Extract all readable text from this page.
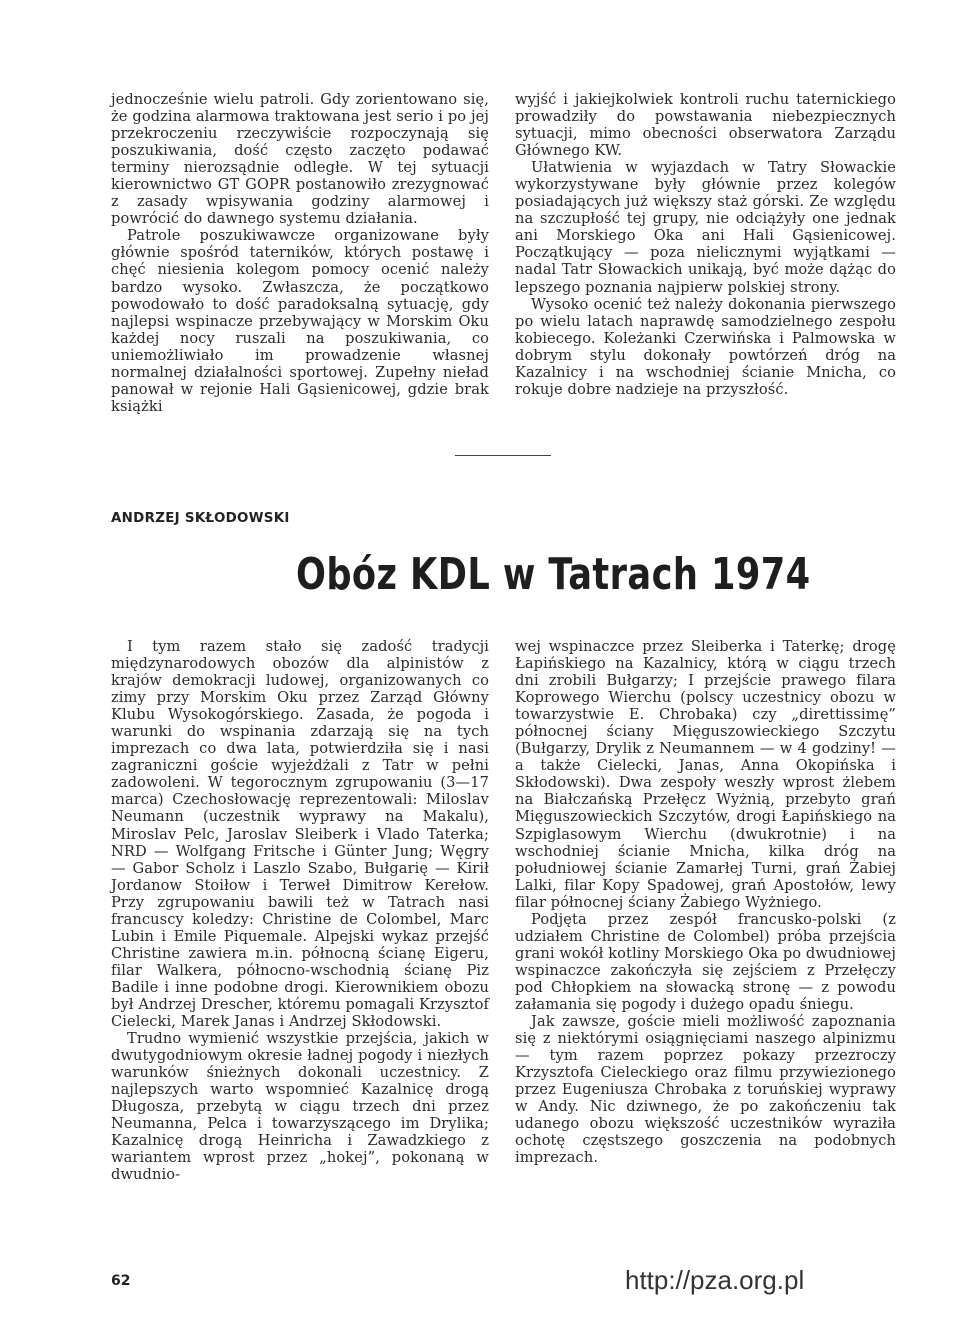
jednocześnie wielu patroli. Gdy zorientowano się, że godzina alarmowa traktowana jest serio i po jej przekroczeniu rzeczywiście rozpoczynają się poszukiwania, dość często zaczęto podawać terminy nierozsądnie odległe. W tej sytuacji kierownictwo GT GOPR postanowiło zrezygnować z zasady wpisywania godziny alarmowej i powrócić do dawnego systemu działania.

Patrole poszukiwawcze organizowane były głównie spośród taterników, których postawę i chęć niesienia kolegom pomocy ocenić należy bardzo wysoko. Zwłaszcza, że początkowo powodowało to dość paradoksalną sytuację, gdy najlepsi wspinacze przebywający w Morskim Oku każdej nocy ruszali na poszukiwania, co uniemożliwiało im prowadzenie własnej normalnej działalności sportowej. Zupełny nieład panował w rejonie Hali Gąsienicowej, gdzie brak książki

wyjść i jakiejkolwiek kontroli ruchu taternickiego prowadziły do powstawania niebezpiecznych sytuacji, mimo obecności obserwatora Zarządu Głównego KW.

Ułatwienia w wyjazdach w Tatry Słowackie wykorzystywane były głównie przez kolegów posiadających już większy staż górski. Ze względu na szczupłość tej grupy, nie odciążyły one jednak ani Morskiego Oka ani Hali Gąsienicowej. Początkujący — poza nielicznymi wyjątkami — nadal Tatr Słowackich unikają, być może dążąc do lepszego poznania najpierw polskiej strony.

Wysoko ocenić też należy dokonania pierwszego po wielu latach naprawdę samodzielnego zespołu kobiecego. Koleżanki Czerwińska i Palmowska w dobrym stylu dokonały powtórzeń dróg na Kazalnicy i na wschodniej ścianie Mnicha, co rokuje dobre nadzieje na przyszłość.

ANDRZEJ SKŁODOWSKI
Obóz KDL w Tatrach 1974

I tym razem stało się zadość tradycji międzynarodowych obozów dla alpinistów z krajów demokracji ludowej, organizowanych co zimy przy Morskim Oku przez Zarząd Główny Klubu Wysokogórskiego. Zasada, że pogoda i warunki do wspinania zdarzają się na tych imprezach co dwa lata, potwierdziła się i nasi zagraniczni goście wyjeżdżali z Tatr w pełni zadowoleni. W tegorocznym zgrupowaniu (3—17 marca) Czechosłowację reprezentowali: Miloslav Neumann (uczestnik wyprawy na Makalu), Miroslav Pelc, Jaroslav Sleiberk i Vlado Taterka; NRD — Wolfgang Fritsche i Günter Jung; Węgry — Gabor Scholz i Laszlo Szabo, Bułgarię — Kirił Jordanow Stoiłow i Terweł Dimitrow Kerełow. Przy zgrupowaniu bawili też w Tatrach nasi francuscy koledzy: Christine de Colombel, Marc Lubin i Emile Piquemale. Alpejski wykaz przejść Christine zawiera m.in. północną ścianę Eigeru, filar Walkera, północno-wschodnią ścianę Piz Badile i inne podobne drogi. Kierownikiem obozu był Andrzej Drescher, któremu pomagali Krzysztof Cielecki, Marek Janas i Andrzej Skłodowski.

Trudno wymienić wszystkie przejścia, jakich w dwutygodniowym okresie ładnej pogody i niezłych warunków śnieżnych dokonali uczestnicy. Z najlepszych warto wspomnieć Kazalnicę drogą Długosza, przebytą w ciągu trzech dni przez Neumanna, Pelca i towarzyszącego im Drylika; Kazalnicę drogą Heinricha i Zawadzkiego z wariantem wprost przez „hokej”, pokonaną w dwudnio-

wej wspinaczce przez Sleiberka i Taterkę; drogę Łapińskiego na Kazalnicy, którą w ciągu trzech dni zrobili Bułgarzy; I przejście prawego filara Koprowego Wierchu (polscy uczestnicy obozu w towarzystwie E. Chrobaka) czy „direttissimę” północnej ściany Mięguszowieckiego Szczytu (Bułgarzy, Drylik z Neumannem — w 4 godziny! — a także Cielecki, Janas, Anna Okopińska i Skłodowski). Dwa zespoły weszły wprost żlebem na Białczańską Przełęcz Wyżnią, przebyto grań Mięguszowieckich Szczytów, drogi Łapińskiego na Szpiglasowym Wierchu (dwukrotnie) i na wschodniej ścianie Mnicha, kilka dróg na południowej ścianie Zamarłej Turni, grań Żabiej Lalki, filar Kopy Spadowej, grań Apostołów, lewy filar północnej ściany Żabiego Wyżniego.

Podjęta przez zespół francusko-polski (z udziałem Christine de Colombel) próba przejścia grani wokół kotliny Morskiego Oka po dwudniowej wspinaczce zakończyła się zejściem z Przełęczy pod Chłopkiem na słowacką stronę — z powodu załamania się pogody i dużego opadu śniegu.

Jak zawsze, goście mieli możliwość zapoznania się z niektórymi osiągnięciami naszego alpinizmu — tym razem poprzez pokazy przezroczy Krzysztofa Cieleckiego oraz filmu przywiezionego przez Eugeniusza Chrobaka z toruńskiej wyprawy w Andy. Nic dziwnego, że po zakończeniu tak udanego obozu większość uczestników wyraziła ochotę częstszego goszczenia na podobnych imprezach.

62	http://pza.org.pl
